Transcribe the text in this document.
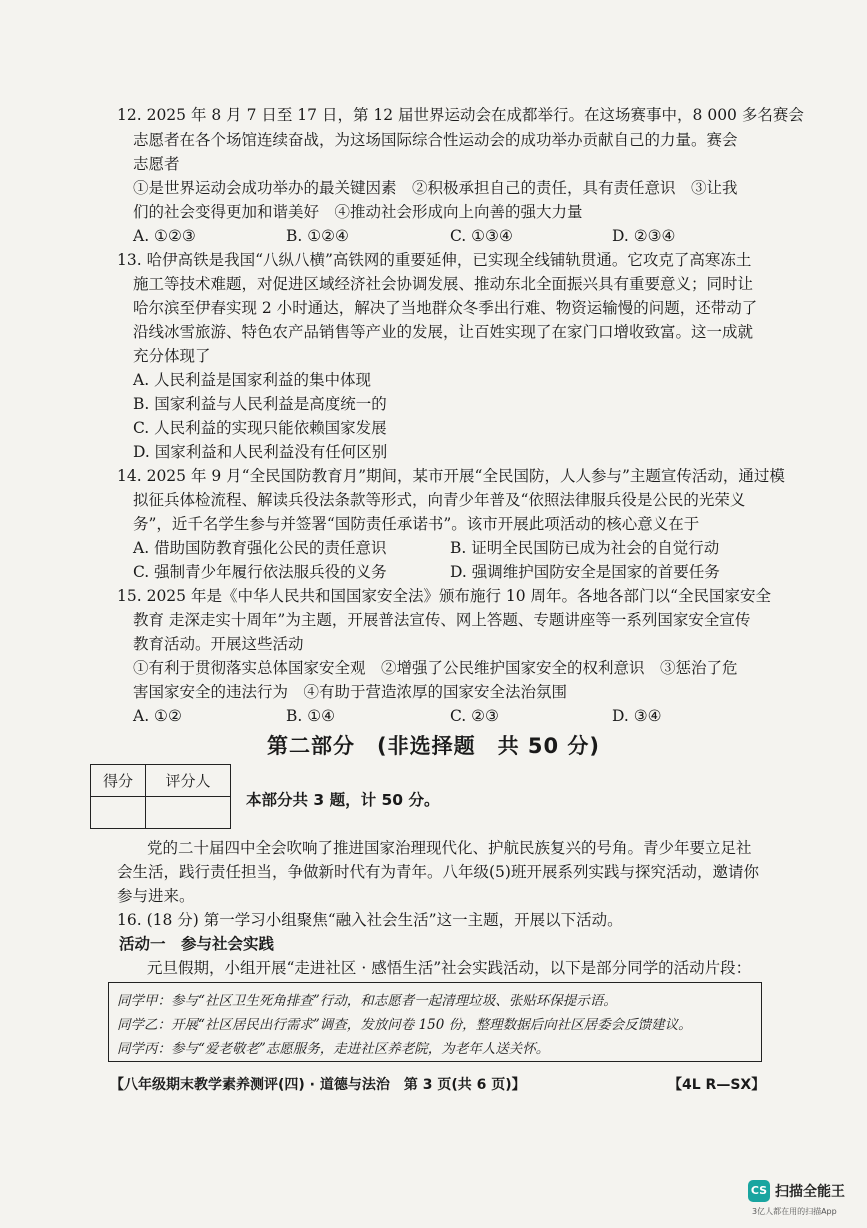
12. 2025 年 8 月 7 日至 17 日，第 12 届世界运动会在成都举行。在这场赛事中，8 000 多名赛会
志愿者在各个场馆连续奋战，为这场国际综合性运动会的成功举办贡献自己的力量。赛会
志愿者
①是世界运动会成功举办的最关键因素　②积极承担自己的责任，具有责任意识　③让我
们的社会变得更加和谐美好　④推动社会形成向上向善的强大力量
A. ①②③	B. ①②④	C. ①③④	D. ②③④
13. 哈伊高铁是我国“八纵八横”高铁网的重要延伸，已实现全线铺轨贯通。它攻克了高寒冻土
施工等技术难题，对促进区域经济社会协调发展、推动东北全面振兴具有重要意义；同时让
哈尔滨至伊春实现 2 小时通达，解决了当地群众冬季出行难、物资运输慢的问题，还带动了
沿线冰雪旅游、特色农产品销售等产业的发展，让百姓实现了在家门口增收致富。这一成就
充分体现了
A. 人民利益是国家利益的集中体现
B. 国家利益与人民利益是高度统一的
C. 人民利益的实现只能依赖国家发展
D. 国家利益和人民利益没有任何区别
14. 2025 年 9 月“全民国防教育月”期间，某市开展“全民国防，人人参与”主题宣传活动，通过模
拟征兵体检流程、解读兵役法条款等形式，向青少年普及“依照法律服兵役是公民的光荣义
务”，近千名学生参与并签署“国防责任承诺书”。该市开展此项活动的核心意义在于
A. 借助国防教育强化公民的责任意识	B. 证明全民国防已成为社会的自觉行动
C. 强制青少年履行依法服兵役的义务	D. 强调维护国防安全是国家的首要任务
15. 2025 年是《中华人民共和国国家安全法》颁布施行 10 周年。各地各部门以“全民国家安全
教育 走深走实十周年”为主题，开展普法宣传、网上答题、专题讲座等一系列国家安全宣传
教育活动。开展这些活动
①有利于贯彻落实总体国家安全观　②增强了公民维护国家安全的权利意识　③惩治了危
害国家安全的违法行为　④有助于营造浓厚的国家安全法治氛围
A. ①②	B. ①④	C. ②③	D. ③④
第二部分　(非选择题　共 50 分)
得分	评分人

本部分共 3 题，计 50 分。
党的二十届四中全会吹响了推进国家治理现代化、护航民族复兴的号角。青少年要立足社
会生活，践行责任担当，争做新时代有为青年。八年级(5)班开展系列实践与探究活动，邀请你
参与进来。
16. (18 分) 第一学习小组聚焦“融入社会生活”这一主题，开展以下活动。
活动一　参与社会实践
元旦假期，小组开展“走进社区 · 感悟生活”社会实践活动，以下是部分同学的活动片段：
同学甲：参与“社区卫生死角排查”行动，和志愿者一起清理垃圾、张贴环保提示语。
同学乙：开展“社区居民出行需求”调查，发放问卷 150 份，整理数据后向社区居委会反馈建议。
同学丙：参与“爱老敬老”志愿服务，走进社区养老院，为老年人送关怀。
【八年级期末教学素养测评(四) · 道德与法治　第 3 页(共 6 页)】	【4L R—SX】
CS 扫描全能王
3亿人都在用的扫描App
